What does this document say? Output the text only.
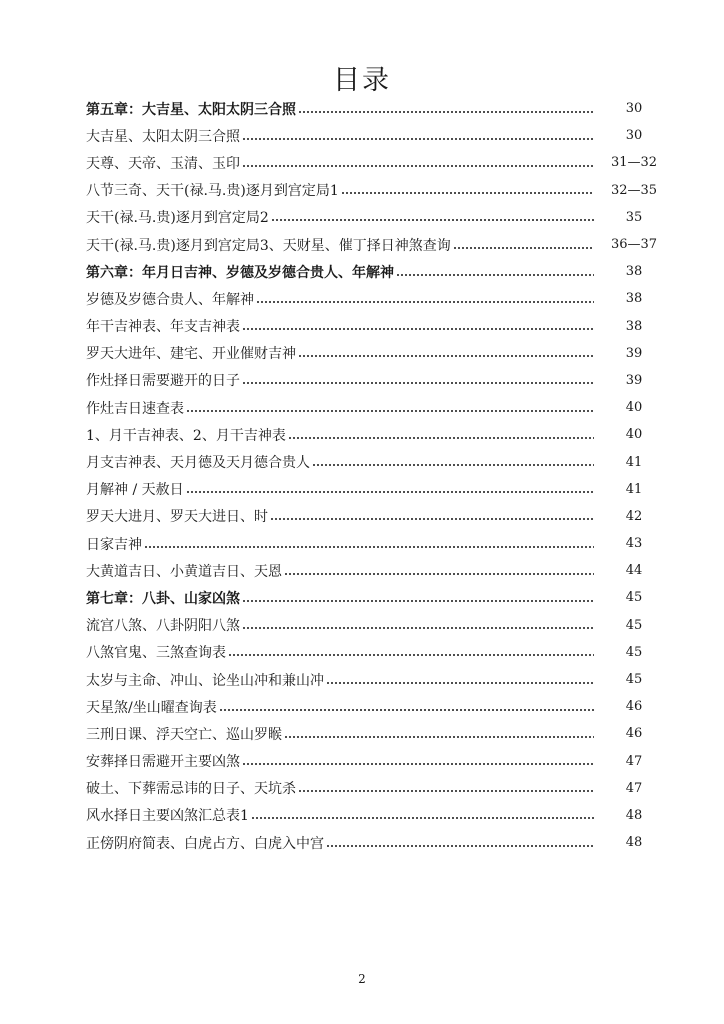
目录
第五章：大吉星、太阳太阴三合照	30
大吉星、太阳太阴三合照	30
天尊、天帝、玉清、玉印	31—32
八节三奇、天干(禄.马.贵)逐月到宫定局1	32—35
天干(禄.马.贵)逐月到宫定局2	35
天干(禄.马.贵)逐月到宫定局3、天财星、催丁择日神煞查询	36—37
第六章：年月日吉神、岁德及岁德合贵人、年解神	38
岁德及岁德合贵人、年解神	38
年干吉神表、年支吉神表	38
罗天大进年、建宅、开业催财吉神	39
作灶择日需要避开的日子	39
作灶吉日速查表	40
1、月干吉神表、2、月干吉神表	40
月支吉神表、天月德及天月德合贵人	41
月解神 / 天赦日	41
罗天大进月、罗天大进日、时	42
日家吉神	43
大黄道吉日、小黄道吉日、天恩	44
第七章：八卦、山家凶煞	45
流宫八煞、八卦阴阳八煞	45
八煞官鬼、三煞查询表	45
太岁与主命、冲山、论坐山冲和兼山冲	45
天星煞/坐山曜查询表	46
三刑日课、浮天空亡、巡山罗睺	46
安葬择日需避开主要凶煞	47
破土、下葬需忌讳的日子、天坑杀	47
风水择日主要凶煞汇总表1	48
正傍阴府简表、白虎占方、白虎入中宫	48
2
